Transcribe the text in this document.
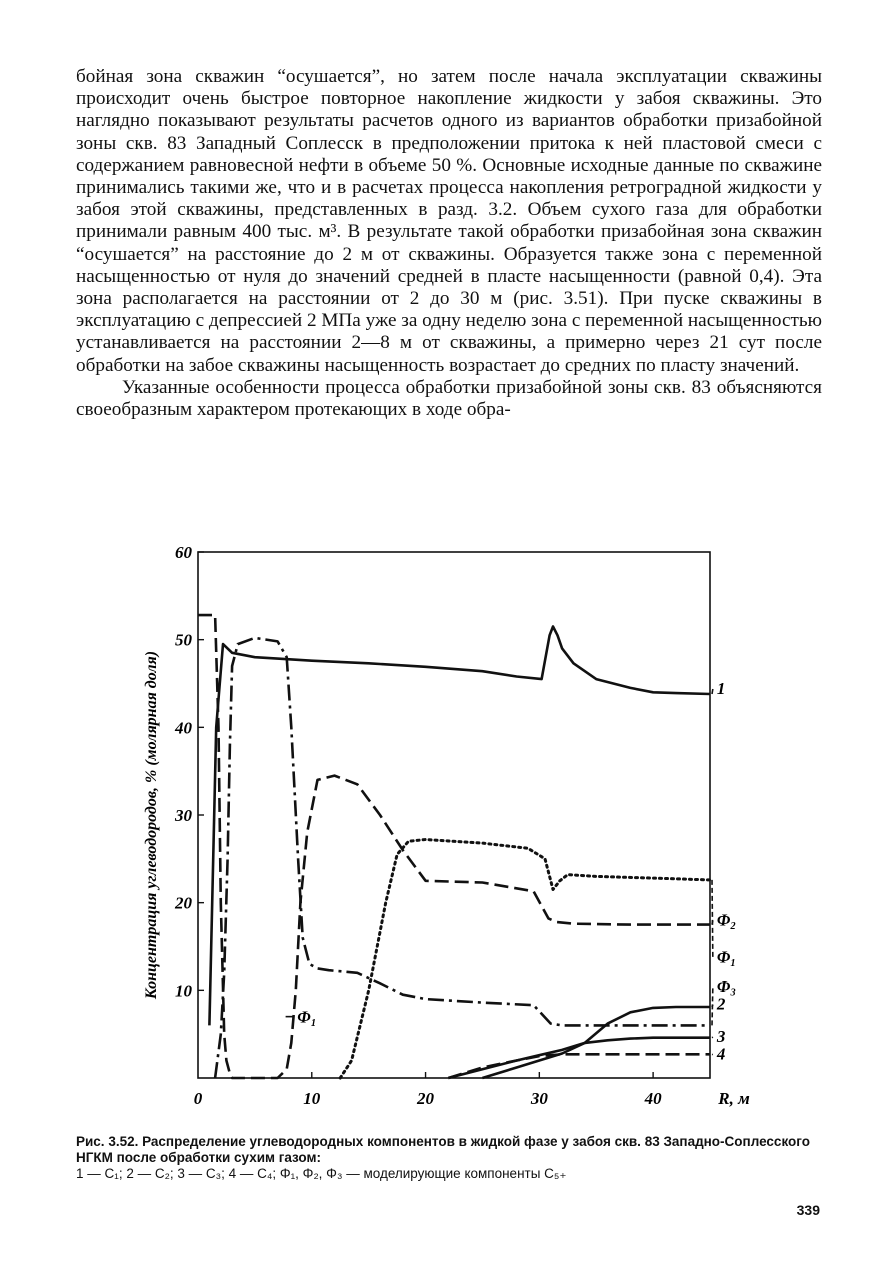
бойная зона скважин “осушается”, но затем после начала эксплуатации скважины происходит очень быстрое повторное накопление жидкости у забоя скважины. Это наглядно показывают результаты расчетов одного из вариантов обработки призабойной зоны скв. 83 Западный Соплесск в предположении притока к ней пластовой смеси с содержанием равновесной нефти в объеме 50 %. Основные исходные данные по скважине принимались такими же, что и в расчетах процесса накопления ретроградной жидкости у забоя этой скважины, представленных в разд. 3.2. Объем сухого газа для обработки принимали равным 400 тыс. м³. В результате такой обработки призабойная зона скважин “осушается” на расстояние до 2 м от скважины. Образуется также зона с переменной насыщенностью от нуля до значений средней в пласте насыщенности (равной 0,4). Эта зона располагается на расстоянии от 2 до 30 м (рис. 3.51). При пуске скважины в эксплуатацию с депрессией 2 МПа уже за одну неделю зона с переменной насыщенностью устанавливается на расстоянии 2—8 м от скважины, а примерно через 21 сут после обработки на забое скважины насыщенность возрастает до средних по пласту значений.

Указанные особенности процесса обработки призабойной зоны скв. 83 объясняются своеобразным характером протекающих в ходе обра-

10
20
30
40
50
60
0	10	20	30	40	R, м
Концентрация углеводородов, % (молярная доля)	1
2
3
4
Φ₁
Φ₂
Φ₃
Φ₁
Рис. 3.52. Распределение углеводородных компонентов в жидкой фазе у забоя скв. 83 Западно-Соплесского НГКМ после обработки сухим газом:
1 — C₁; 2 — C₂; 3 — C₃; 4 — C₄; Φ₁, Φ₂, Φ₃ — моделирующие компоненты C₅₊
339
